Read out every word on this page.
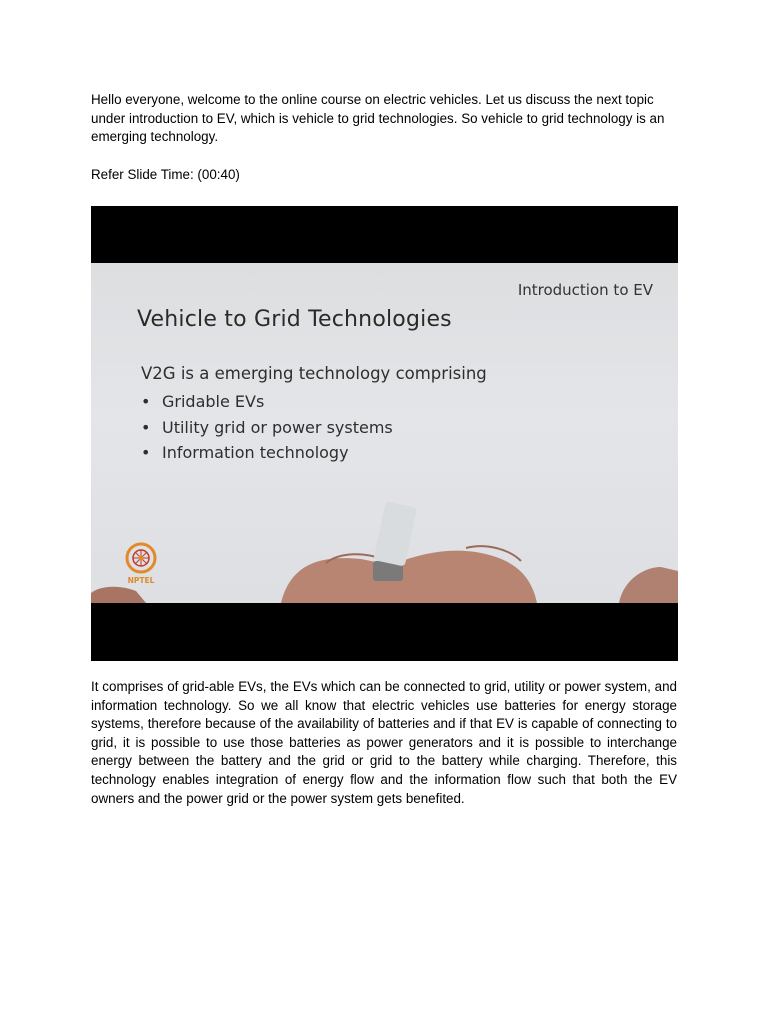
Hello everyone, welcome to the online course on electric vehicles. Let us discuss the next topic under introduction to EV, which is vehicle to grid technologies. So vehicle to grid technology is an emerging technology.

Refer Slide Time: (00:40)

Introduction to EV
Vehicle to Grid Technologies
V2G is a emerging technology comprising
• Gridable EVs
• Utility grid or power systems
• Information technology
NPTEL

It comprises of grid-able EVs, the EVs which can be connected to grid, utility or power system, and information technology. So we all know that electric vehicles use batteries for energy storage systems, therefore because of the availability of batteries and if that EV is capable of connecting to grid, it is possible to use those batteries as power generators and it is possible to interchange energy between the battery and the grid or grid to the battery while charging. Therefore, this technology enables integration of energy flow and the information flow such that both the EV owners and the power grid or the power system gets benefited.
